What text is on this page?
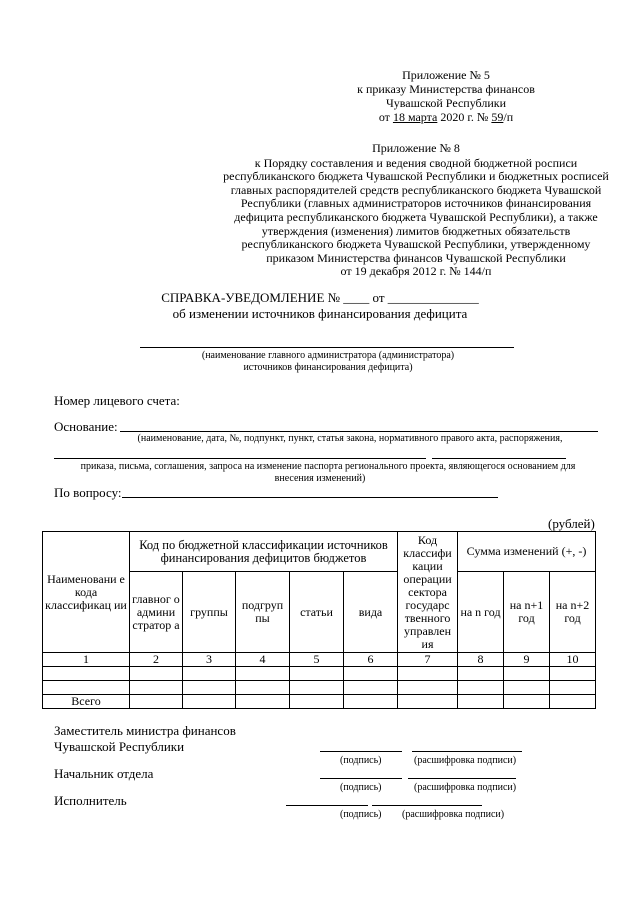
Приложение № 5
к приказу Министерства финансов
Чувашской Республики
от 18 марта 2020 г. № 59/п
Приложение № 8
к Порядку составления и ведения сводной бюджетной росписи
республиканского бюджета Чувашской Республики и бюджетных росписей
главных распорядителей средств республиканского бюджета Чувашской
Республики (главных администраторов источников финансирования
дефицита республиканского бюджета Чувашской Республики), а также
утверждения (изменения) лимитов бюджетных обязательств
республиканского бюджета Чувашской Республики, утвержденному
приказом Министерства финансов Чувашской Республики
от 19 декабря 2012 г. № 144/п
СПРАВКА-УВЕДОМЛЕНИЕ № ____ от ______________
об изменении источников финансирования дефицита
(наименование главного администратора (администратора)
источников финансирования дефицита)
Номер лицевого счета:
Основание:
(наименование, дата, №, подпункт, пункт, статья закона, нормативного правого акта, распоряжения,
приказа, письма, соглашения, запроса на изменение паспорта регионального проекта, являющегося основанием для
внесения изменений)
По вопросу:
(рублей)
Наименовани е кода классификац ии	Код по бюджетной классификации источников финансирования дефицитов бюджетов					Код классифи кации операции сектора государс твенного управлен ия	Сумма изменений (+, -)		
	главног о админи стратор а	группы	подгруп пы	статьи	вида		на n год	на n+1 год	на n+2 год
1	2	3	4	5	6	7	8	9	10

Всего									
Заместитель министра финансов
Чувашской Республики
(подпись)	(расшифровка подписи)
Начальник отдела
(подпись)	(расшифровка подписи)
Исполнитель
(подпись) (расшифровка подписи)
